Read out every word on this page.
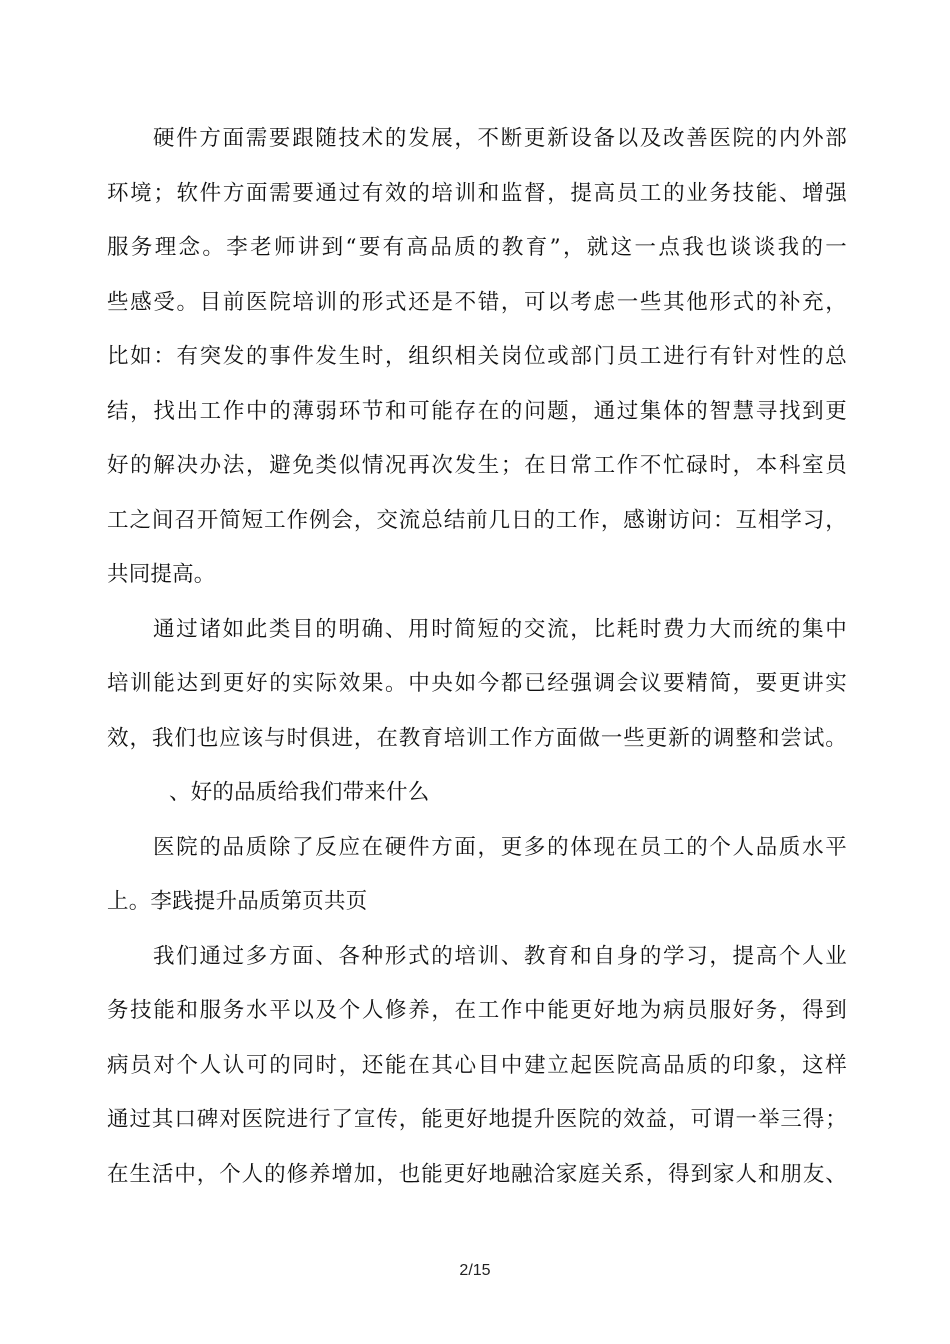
硬件方面需要跟随技术的发展，不断更新设备以及改善医院的内外部
环境；软件方面需要通过有效的培训和监督，提高员工的业务技能、增强
服务理念。李老师讲到“要有高品质的教育”，就这一点我也谈谈我的一
些感受。目前医院培训的形式还是不错，可以考虑一些其他形式的补充，
比如：有突发的事件发生时，组织相关岗位或部门员工进行有针对性的总
结，找出工作中的薄弱环节和可能存在的问题，通过集体的智慧寻找到更
好的解决办法，避免类似情况再次发生；在日常工作不忙碌时，本科室员
工之间召开简短工作例会，交流总结前几日的工作，感谢访问：互相学习，
共同提高。
通过诸如此类目的明确、用时简短的交流，比耗时费力大而统的集中
培训能达到更好的实际效果。中央如今都已经强调会议要精简，要更讲实
效，我们也应该与时俱进，在教育培训工作方面做一些更新的调整和尝试。
、好的品质给我们带来什么
医院的品质除了反应在硬件方面，更多的体现在员工的个人品质水平
上。李践提升品质第页共页
我们通过多方面、各种形式的培训、教育和自身的学习，提高个人业
务技能和服务水平以及个人修养，在工作中能更好地为病员服好务，得到
病员对个人认可的同时，还能在其心目中建立起医院高品质的印象，这样
通过其口碑对医院进行了宣传，能更好地提升医院的效益，可谓一举三得；
在生活中，个人的修养增加，也能更好地融洽家庭关系，得到家人和朋友、
2/15
